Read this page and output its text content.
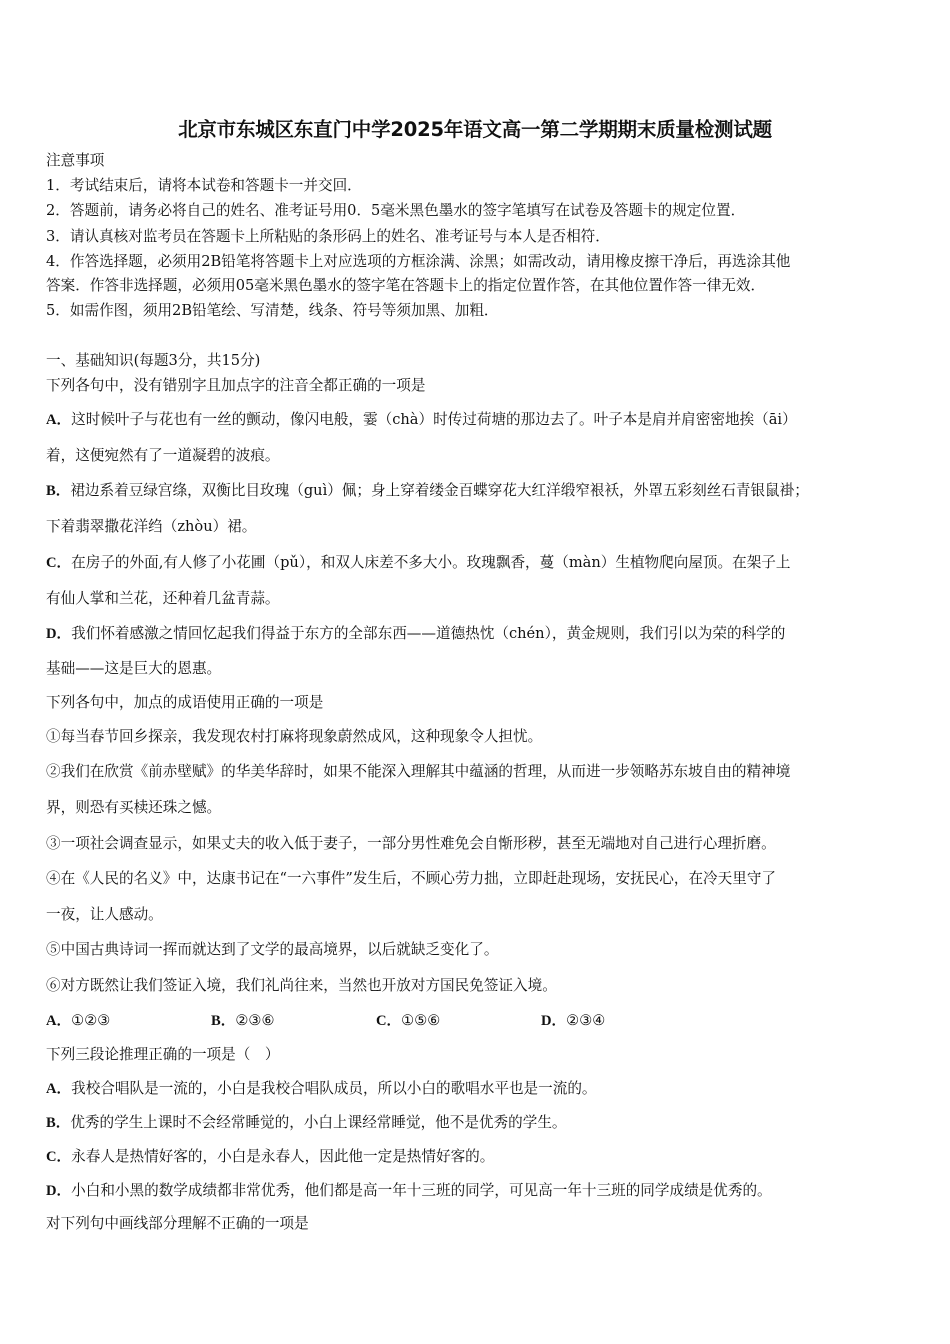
北京市东城区东直门中学2025年语文高一第二学期期末质量检测试题
注意事项
1．考试结束后，请将本试卷和答题卡一并交回．
2．答题前，请务必将自己的姓名、准考证号用0．5毫米黑色墨水的签字笔填写在试卷及答题卡的规定位置．
3．请认真核对监考员在答题卡上所粘贴的条形码上的姓名、准考证号与本人是否相符．
4．作答选择题，必须用2B铅笔将答题卡上对应选项的方框涂满、涂黑；如需改动，请用橡皮擦干净后，再选涂其他
答案．作答非选择题，必须用05毫米黑色墨水的签字笔在答题卡上的指定位置作答，在其他位置作答一律无效．
5．如需作图，须用2B铅笔绘、写清楚，线条、符号等须加黑、加粗．
一、基础知识(每题3分，共15分)
下列各句中，没有错别字且加点字的注音全都正确的一项是
A．这时候叶子与花也有一丝的颤动，像闪电般，霎（chà）时传过荷塘的那边去了。叶子本是肩并肩密密地挨（āi）
着，这便宛然有了一道凝碧的波痕。
B．裙边系着豆绿宫绦，双衡比目玫瑰（guì）佩；身上穿着缕金百蝶穿花大红洋缎窄裉袄，外罩五彩刻丝石青银鼠褂；
下着翡翠撒花洋绉（zhòu）裙。
C．在房子的外面,有人修了小花圃（pǔ），和双人床差不多大小。玫瑰飘香，蔓（màn）生植物爬向屋顶。在架子上
有仙人掌和兰花，还种着几盆青蒜。
D．我们怀着感激之情回忆起我们得益于东方的全部东西——道德热忱（chén），黄金规则，我们引以为荣的科学的
基础——这是巨大的恩惠。
下列各句中，加点的成语使用正确的一项是
①每当春节回乡探亲，我发现农村打麻将现象蔚然成风，这种现象令人担忧。
②我们在欣赏《前赤壁赋》的华美华辞时，如果不能深入理解其中蕴涵的哲理，从而进一步领略苏东坡自由的精神境
界，则恐有买椟还珠之憾。
③一项社会调查显示，如果丈夫的收入低于妻子，一部分男性难免会自惭形秽，甚至无端地对自己进行心理折磨。
④在《人民的名义》中，达康书记在“一六事件”发生后，不顾心劳力拙，立即赶赴现场，安抚民心，在冷天里守了
一夜，让人感动。
⑤中国古典诗词一挥而就达到了文学的最高境界，以后就缺乏变化了。
⑥对方既然让我们签证入境，我们礼尚往来，当然也开放对方国民免签证入境。
A．①②③	B．②③⑥	C．①⑤⑥	D．②③④
下列三段论推理正确的一项是（　）
A．我校合唱队是一流的，小白是我校合唱队成员，所以小白的歌唱水平也是一流的。
B．优秀的学生上课时不会经常睡觉的，小白上课经常睡觉，他不是优秀的学生。
C．永春人是热情好客的，小白是永春人，因此他一定是热情好客的。
D．小白和小黑的数学成绩都非常优秀，他们都是高一年十三班的同学，可见高一年十三班的同学成绩是优秀的。
对下列句中画线部分理解不正确的一项是
